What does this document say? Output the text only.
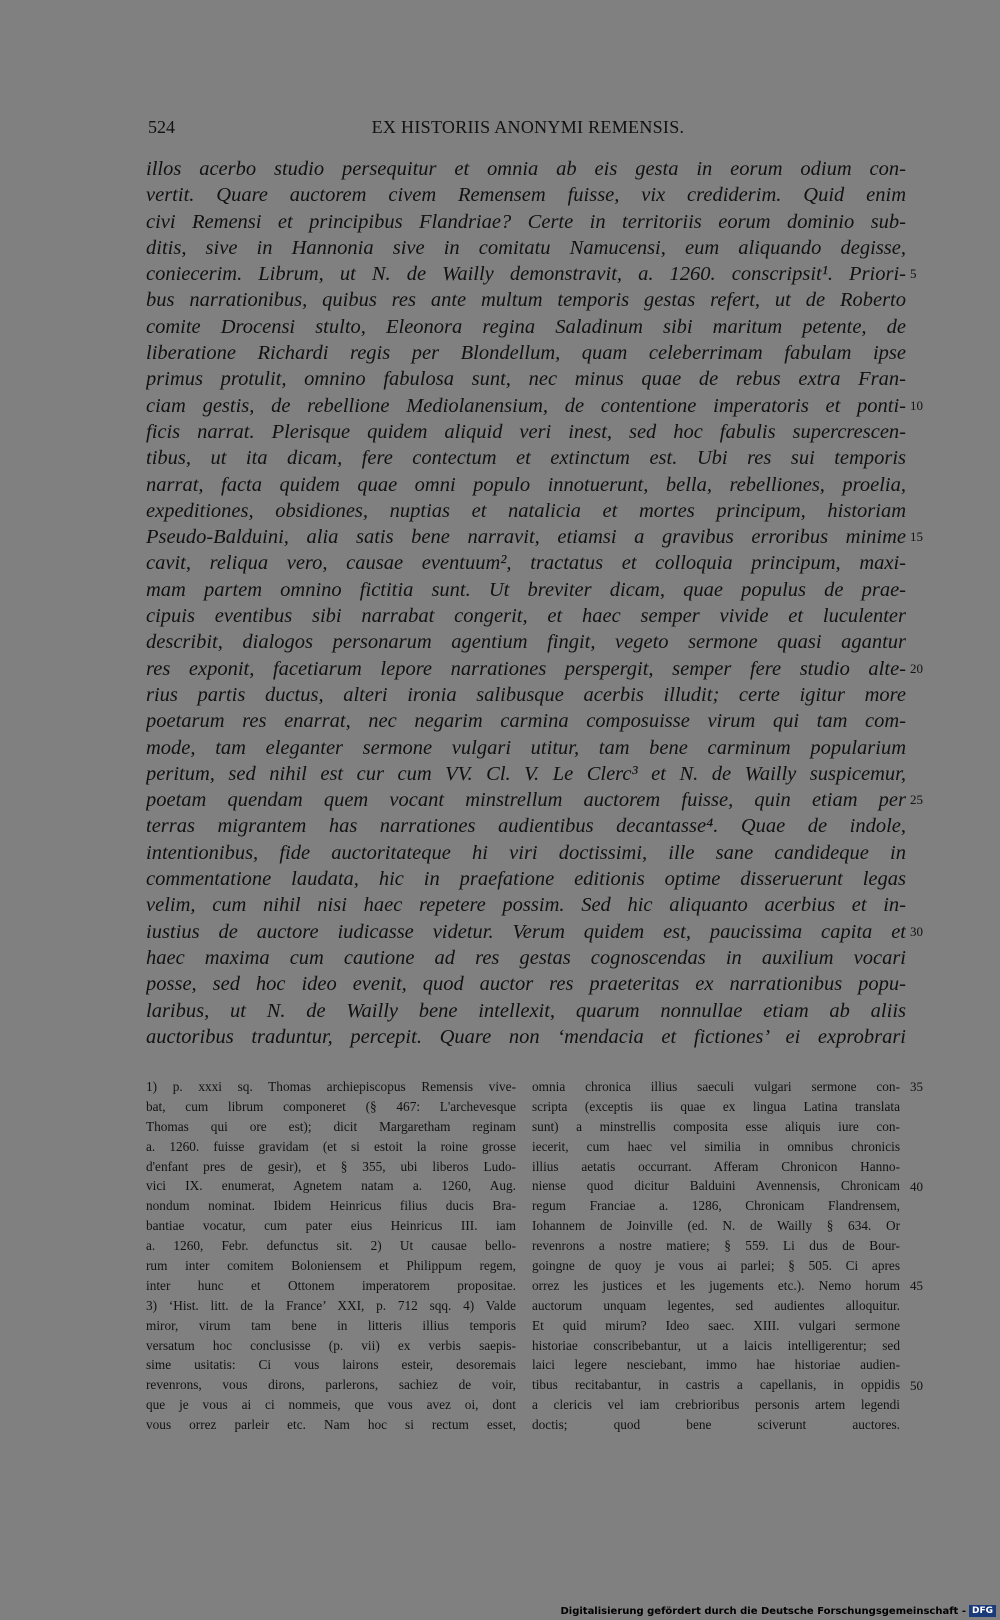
524	EX HISTORIIS ANONYMI REMENSIS.
illos acerbo studio persequitur et omnia ab eis gesta in eorum odium con-
vertit. Quare auctorem civem Remensem fuisse, vix crediderim. Quid enim
civi Remensi et principibus Flandriae? Certe in territoriis eorum dominio sub-
ditis, sive in Hannonia sive in comitatu Namucensi, eum aliquando degisse,
coniecerim. Librum, ut N. de Wailly demonstravit, a. 1260. conscripsit¹. Priori-
bus narrationibus, quibus res ante multum temporis gestas refert, ut de Roberto
comite Drocensi stulto, Eleonora regina Saladinum sibi maritum petente, de
liberatione Richardi regis per Blondellum, quam celeberrimam fabulam ipse
primus protulit, omnino fabulosa sunt, nec minus quae de rebus extra Fran-
ciam gestis, de rebellione Mediolanensium, de contentione imperatoris et ponti-
ficis narrat. Plerisque quidem aliquid veri inest, sed hoc fabulis supercrescen-
tibus, ut ita dicam, fere contectum et extinctum est. Ubi res sui temporis
narrat, facta quidem quae omni populo innotuerunt, bella, rebelliones, proelia,
expeditiones, obsidiones, nuptias et natalicia et mortes principum, historiam
Pseudo-Balduini, alia satis bene narravit, etiamsi a gravibus erroribus minime
cavit, reliqua vero, causae eventuum², tractatus et colloquia principum, maxi-
mam partem omnino fictitia sunt. Ut breviter dicam, quae populus de prae-
cipuis eventibus sibi narrabat congerit, et haec semper vivide et luculenter
describit, dialogos personarum agentium fingit, vegeto sermone quasi agantur
res exponit, facetiarum lepore narrationes perspergit, semper fere studio alte-
rius partis ductus, alteri ironia salibusque acerbis illudit; certe igitur more
poetarum res enarrat, nec negarim carmina composuisse virum qui tam com-
mode, tam eleganter sermone vulgari utitur, tam bene carminum popularium
peritum, sed nihil est cur cum VV. Cl. V. Le Clerc³ et N. de Wailly suspicemur,
poetam quendam quem vocant minstrellum auctorem fuisse, quin etiam per
terras migrantem has narrationes audientibus decantasse⁴. Quae de indole,
intentionibus, fide auctoritateque hi viri doctissimi, ille sane candideque in
commentatione laudata, hic in praefatione editionis optime disseruerunt legas
velim, cum nihil nisi haec repetere possim. Sed hic aliquanto acerbius et in-
iustius de auctore iudicasse videtur. Verum quidem est, paucissima capita et
haec maxima cum cautione ad res gestas cognoscendas in auxilium vocari
posse, sed hoc ideo evenit, quod auctor res praeteritas ex narrationibus popu-
laribus, ut N. de Wailly bene intellexit, quarum nonnullae etiam ab aliis
auctoribus traduntur, percepit. Quare non ‘mendacia et fictiones’ ei exprobrari
5
10
15
20
25
30
1) p. xxxi sq. Thomas archiepiscopus Remensis vive-
bat, cum librum componeret (§ 467: L'archevesque
Thomas qui ore est); dicit Margaretham reginam
a. 1260. fuisse gravidam (et si estoit la roine grosse
d'enfant pres de gesir), et § 355, ubi liberos Ludo-
vici IX. enumerat, Agnetem natam a. 1260, Aug.
nondum nominat. Ibidem Heinricus filius ducis Bra-
bantiae vocatur, cum pater eius Heinricus III. iam
a. 1260, Febr. defunctus sit. 2) Ut causae bello-
rum inter comitem Boloniensem et Philippum regem,
inter hunc et Ottonem imperatorem propositae.
3) ‘Hist. litt. de la France’ XXI, p. 712 sqq. 4) Valde
miror, virum tam bene in litteris illius temporis
versatum hoc conclusisse (p. vii) ex verbis saepis-
sime usitatis: Ci vous lairons esteir, desoremais
revenrons, vous dirons, parlerons, sachiez de voir,
que je vous ai ci nommeis, que vous avez oi, dont
vous orrez parleir etc. Nam hoc si rectum esset,
omnia chronica illius saeculi vulgari sermone con-
scripta (exceptis iis quae ex lingua Latina translata
sunt) a minstrellis composita esse aliquis iure con-
iecerit, cum haec vel similia in omnibus chronicis
illius aetatis occurrant. Afferam Chronicon Hanno-
niense quod dicitur Balduini Avennensis, Chronicam
regum Franciae a. 1286, Chronicam Flandrensem,
Iohannem de Joinville (ed. N. de Wailly § 634. Or
revenrons a nostre matiere; § 559. Li dus de Bour-
goingne de quoy je vous ai parlei; § 505. Ci apres
orrez les justices et les jugements etc.). Nemo horum
auctorum unquam legentes, sed audientes alloquitur.
Et quid mirum? Ideo saec. XIII. vulgari sermone
historiae conscribebantur, ut a laicis intelligerentur; sed
laici legere nesciebant, immo hae historiae audien-
tibus recitabantur, in castris a capellanis, in oppidis
a clericis vel iam crebrioribus personis artem legendi
doctis; quod bene sciverunt auctores.
35
40
45
50
Digitalisierung gefördert durch die Deutsche Forschungsgemeinschaft - DFG
